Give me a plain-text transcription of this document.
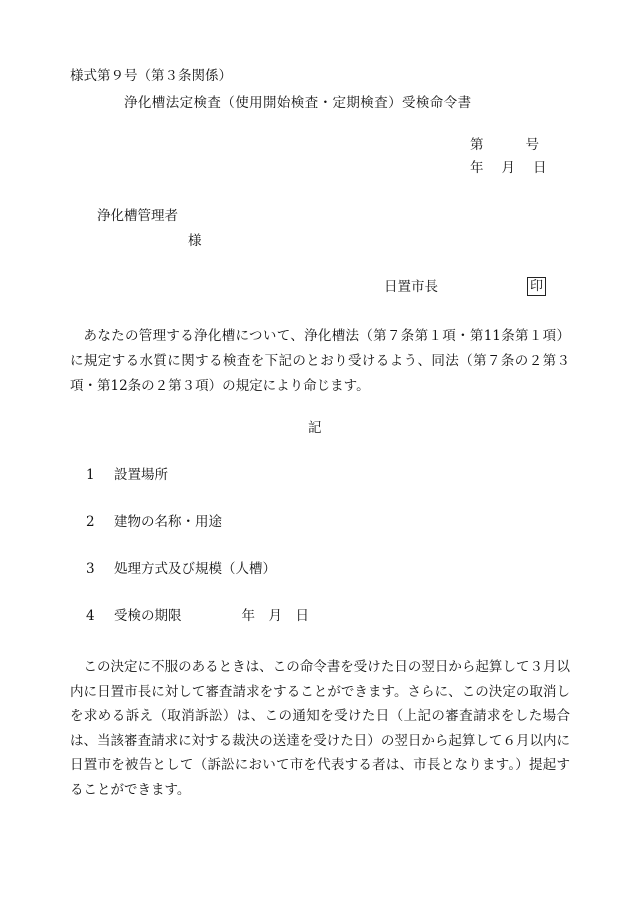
様式第９号（第３条関係）
浄化槽法定検査（使用開始検査・定期検査）受検命令書
第	号
年 月 日
浄化槽管理者
様
日置市長	印

あなたの管理する浄化槽について、浄化槽法（第７条第１項・第11条第１項）に規定する水質に関する検査を下記のとおり受けるよう、同法（第７条の２第３項・第12条の２第３項）の規定により命じます。

記
1 設置場所
2 建物の名称・用途
3 処理方式及び規模（人槽）
4 受検の期限	年　月　日

この決定に不服のあるときは、この命令書を受けた日の翌日から起算して３月以内に日置市長に対して審査請求をすることができます。さらに、この決定の取消しを求める訴え（取消訴訟）は、この通知を受けた日（上記の審査請求をした場合は、当該審査請求に対する裁決の送達を受けた日）の翌日から起算して６月以内に日置市を被告として（訴訟において市を代表する者は、市長となります。）提起することができます。
